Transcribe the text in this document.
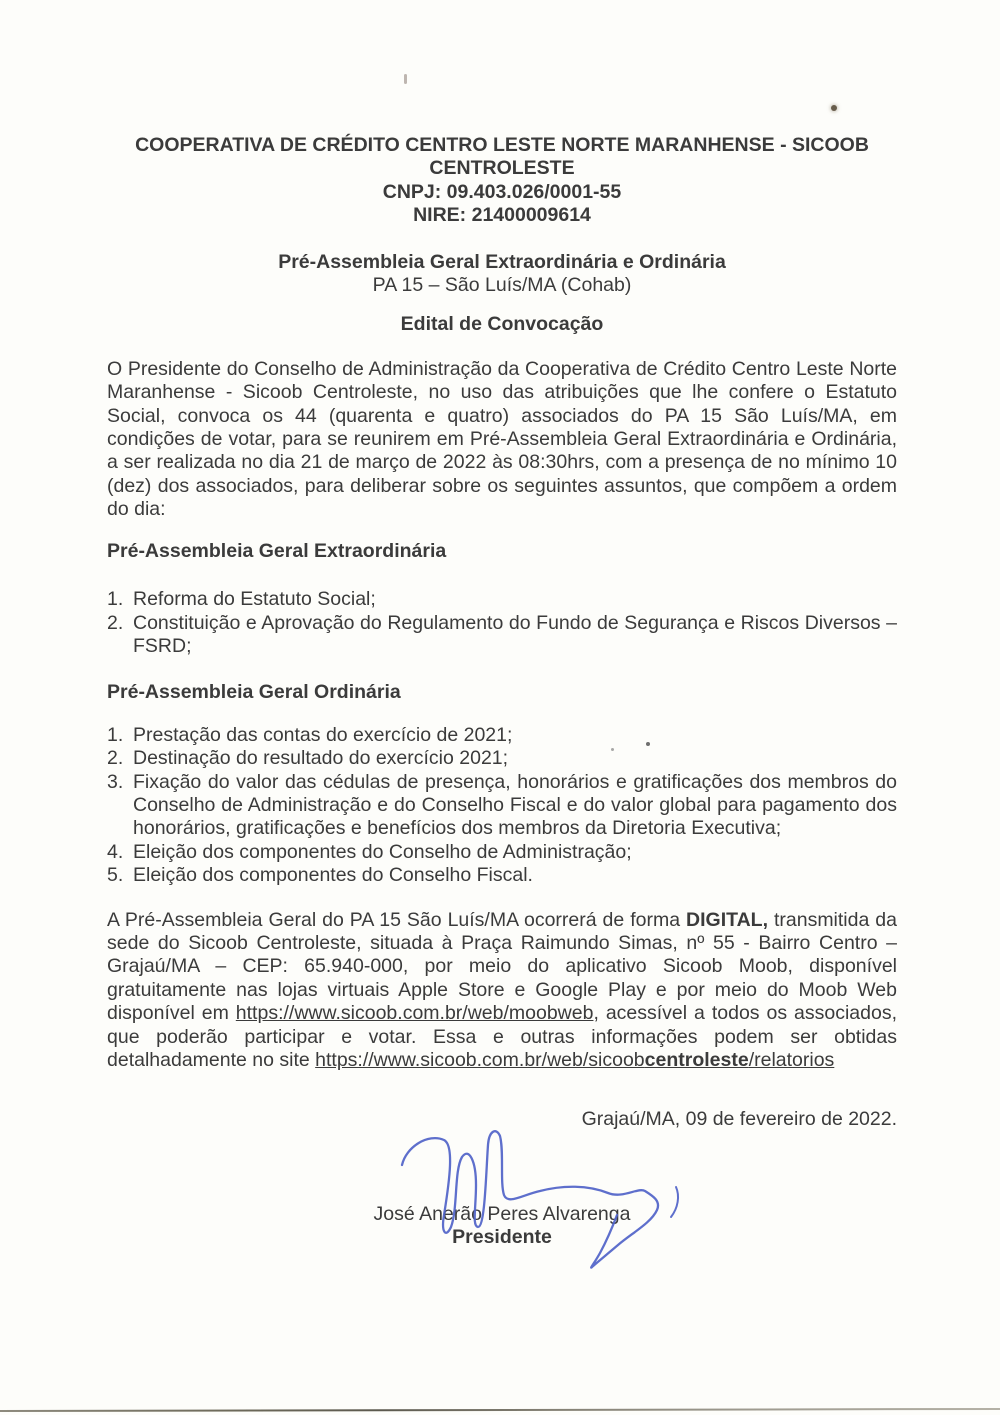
COOPERATIVA DE CRÉDITO CENTRO LESTE NORTE MARANHENSE - SICOOB
CENTROLESTE
CNPJ: 09.403.026/0001-55
NIRE: 21400009614
Pré-Assembleia Geral Extraordinária e Ordinária
PA 15 – São Luís/MA (Cohab)
Edital de Convocação

O Presidente do Conselho de Administração da Cooperativa de Crédito Centro Leste Norte Maranhense - Sicoob Centroleste, no uso das atribuições que lhe confere o Estatuto Social, convoca os 44 (quarenta e quatro) associados do PA 15 São Luís/MA, em condições de votar, para se reunirem em Pré-Assembleia Geral Extraordinária e Ordinária, a ser realizada no dia 21 de março de 2022 às 08:30hrs, com a presença de no mínimo 10 (dez) dos associados, para deliberar sobre os seguintes assuntos, que compõem a ordem do dia:

Pré-Assembleia Geral Extraordinária
1. Reforma do Estatuto Social;
2. Constituição e Aprovação do Regulamento do Fundo de Segurança e Riscos Diversos – FSRD;
Pré-Assembleia Geral Ordinária
1. Prestação das contas do exercício de 2021;
2. Destinação do resultado do exercício 2021;
3. Fixação do valor das cédulas de presença, honorários e gratificações dos membros do Conselho de Administração e do Conselho Fiscal e do valor global para pagamento dos honorários, gratificações e benefícios dos membros da Diretoria Executiva;
4. Eleição dos componentes do Conselho de Administração;
5. Eleição dos componentes do Conselho Fiscal.

A Pré-Assembleia Geral do PA 15 São Luís/MA ocorrerá de forma DIGITAL, transmitida da sede do Sicoob Centroleste, situada à Praça Raimundo Simas, nº 55 - Bairro Centro – Grajaú/MA – CEP: 65.940-000, por meio do aplicativo Sicoob Moob, disponível gratuitamente nas lojas virtuais Apple Store e Google Play e por meio do Moob Web disponível em https://www.sicoob.com.br/web/moobweb, acessível a todos os associados, que poderão participar e votar. Essa e outras informações podem ser obtidas detalhadamente no site https://www.sicoob.com.br/web/sicoobcentroleste/relatorios

Grajaú/MA, 09 de fevereiro de 2022.
José Anerão Peres Alvarenga
Presidente
